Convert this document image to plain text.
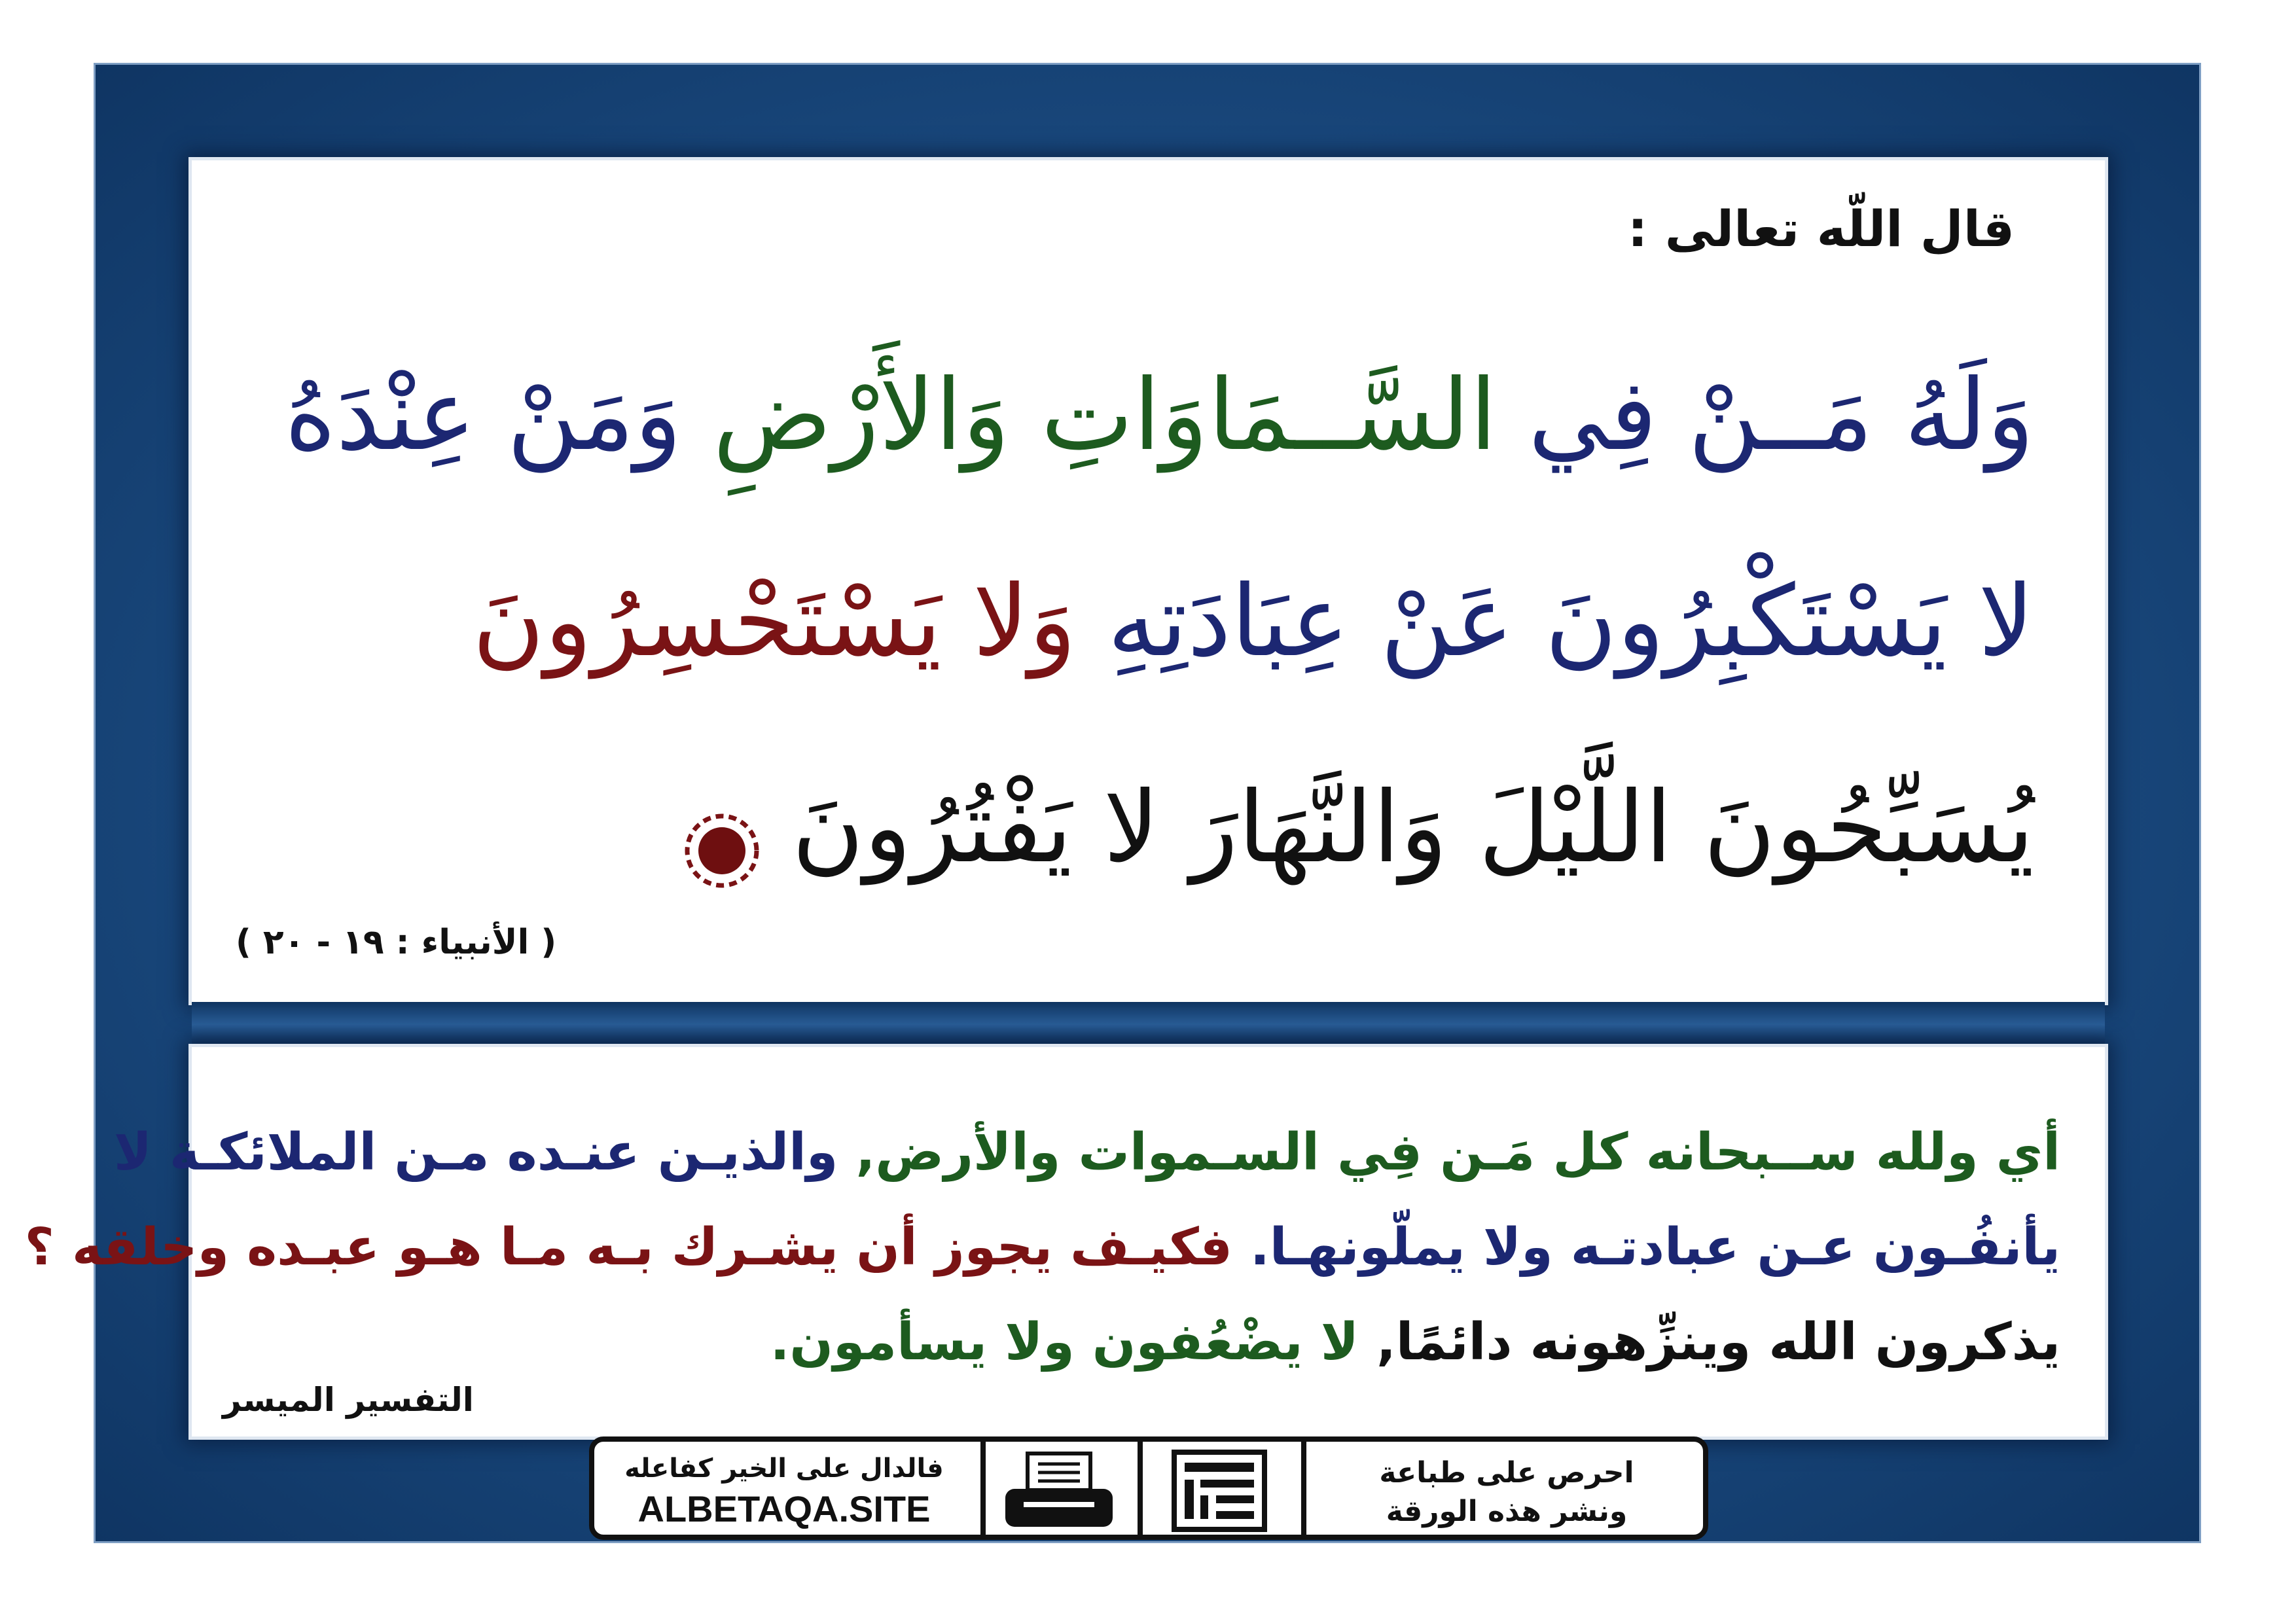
قال اللّه تعالى :
وَلَهُ مَــنْ فِي السَّــمَاوَاتِ وَالأَرْضِ وَمَنْ عِنْدَهُ
لا يَسْتَكْبِرُونَ عَنْ عِبَادَتِهِ وَلا يَسْتَحْسِرُونَ
يُسَبِّحُونَ اللَّيْلَ وَالنَّهَارَ لا يَفْتُرُونَ
( الأنبياء : ١٩ - ٢٠ )
أي ولله ســبحانه كل مَـن فِي السـموات والأرض, والذيـن عنـده مـن الملائكـة لا
يأنفُـون عـن عبادتـه ولا يملّونهـا. فكيـف يجوز أن يشـرك بـه مـا هـو عبـده وخلقه ؟
يذكرون الله وينزِّهونه دائمًا, لا يضْعُفون ولا يسأمون.
التفسير الميسر
فالدال على الخير كفاعله
ALBETAQA.SITE
احرص على طباعة
ونشر هذه الورقة
